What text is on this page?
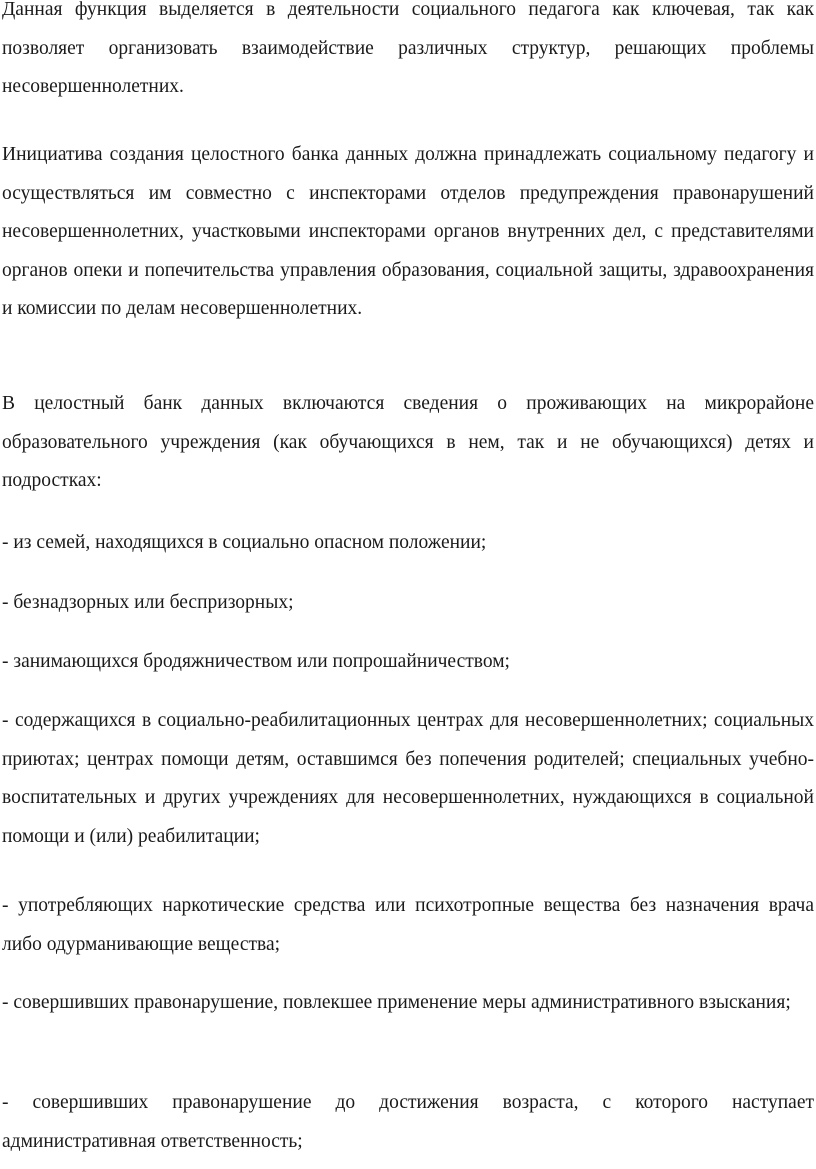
Данная функция выделяется в деятельности социального педагога как ключевая, так как позволяет организовать взаимодействие различных структур, решающих проблемы несовершеннолетних.

Инициатива создания целостного банка данных должна принадлежать социальному педагогу и осуществляться им совместно с инспекторами отделов предупреждения правонарушений несовершеннолетних, участковыми инспекторами органов внутренних дел, с представителями органов опеки и попечительства управления образования, социальной защиты, здравоохранения и комиссии по делам несовершеннолетних.

В целостный банк данных включаются сведения о проживающих на микрорайоне образовательного учреждения (как обучающихся в нем, так и не обучающихся) детях и подростках:

- из семей, находящихся в социально опасном положении;

- безнадзорных или беспризорных;

- занимающихся бродяжничеством или попрошайничеством;

- содержащихся в социально-реабилитационных центрах для несовершеннолетних; социальных приютах; центрах помощи детям, оставшимся без попечения родителей; специальных учебно-воспитательных и других учреждениях для несовершеннолетних, нуждающихся в социальной помощи и (или) реабилитации;

- употребляющих наркотические средства или психотропные вещества без назначения врача либо одурманивающие вещества;

- совершивших правонарушение, повлекшее применение меры административного взыскания;

- совершивших правонарушение до достижения возраста, с которого наступает административная ответственность;
